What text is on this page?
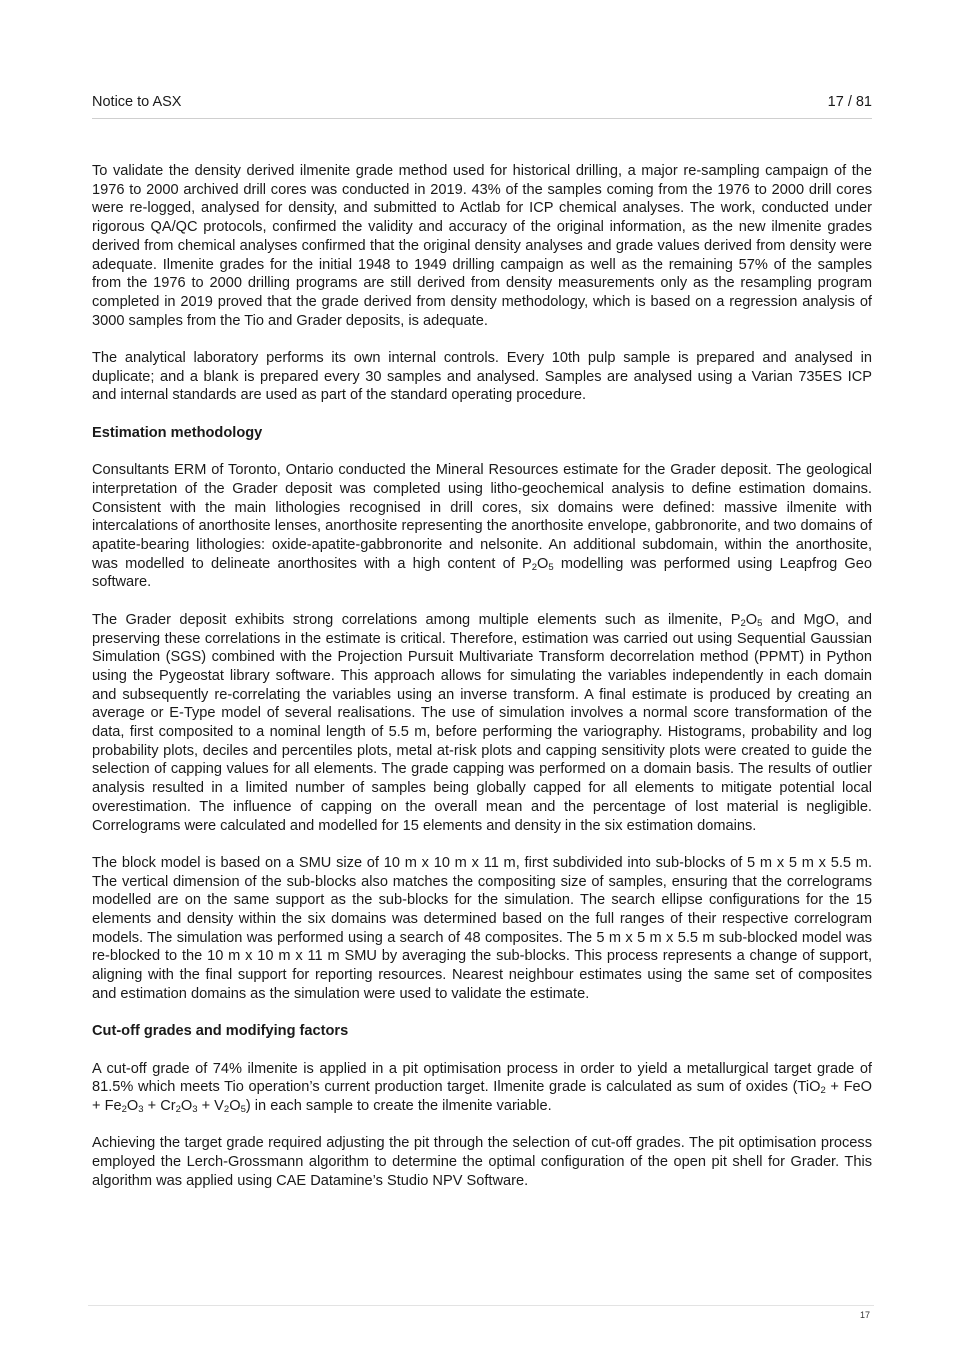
Notice to ASX	17 / 81

To validate the density derived ilmenite grade method used for historical drilling, a major re-sampling campaign of the 1976 to 2000 archived drill cores was conducted in 2019. 43% of the samples coming from the 1976 to 2000 drill cores were re-logged, analysed for density, and submitted to Actlab for ICP chemical analyses. The work, conducted under rigorous QA/QC protocols, confirmed the validity and accuracy of the original information, as the new ilmenite grades derived from chemical analyses confirmed that the original density analyses and grade values derived from density were adequate. Ilmenite grades for the initial 1948 to 1949 drilling campaign as well as the remaining 57% of the samples from the 1976 to 2000 drilling programs are still derived from density measurements only as the resampling program completed in 2019 proved that the grade derived from density methodology, which is based on a regression analysis of 3000 samples from the Tio and Grader deposits, is adequate.

The analytical laboratory performs its own internal controls. Every 10th pulp sample is prepared and analysed in duplicate; and a blank is prepared every 30 samples and analysed. Samples are analysed using a Varian 735ES ICP and internal standards are used as part of the standard operating procedure.

Estimation methodology

Consultants ERM of Toronto, Ontario conducted the Mineral Resources estimate for the Grader deposit. The geological interpretation of the Grader deposit was completed using litho-geochemical analysis to define estimation domains. Consistent with the main lithologies recognised in drill cores, six domains were defined: massive ilmenite with intercalations of anorthosite lenses, anorthosite representing the anorthosite envelope, gabbronorite, and two domains of apatite-bearing lithologies: oxide-apatite-gabbronorite and nelsonite. An additional subdomain, within the anorthosite, was modelled to delineate anorthosites with a high content of $P_2O_5$ modelling was performed using Leapfrog Geo software.

The Grader deposit exhibits strong correlations among multiple elements such as ilmenite, $P_2O_5$ and MgO, and preserving these correlations in the estimate is critical. Therefore, estimation was carried out using Sequential Gaussian Simulation (SGS) combined with the Projection Pursuit Multivariate Transform decorrelation method (PPMT) in Python using the Pygeostat library software. This approach allows for simulating the variables independently in each domain and subsequently re-correlating the variables using an inverse transform. A final estimate is produced by creating an average or E-Type model of several realisations. The use of simulation involves a normal score transformation of the data, first composited to a nominal length of 5.5 m, before performing the variography. Histograms, probability and log probability plots, deciles and percentiles plots, metal at-risk plots and capping sensitivity plots were created to guide the selection of capping values for all elements. The grade capping was performed on a domain basis. The results of outlier analysis resulted in a limited number of samples being globally capped for all elements to mitigate potential local overestimation. The influence of capping on the overall mean and the percentage of lost material is negligible. Correlograms were calculated and modelled for 15 elements and density in the six estimation domains.

The block model is based on a SMU size of 10 m x 10 m x 11 m, first subdivided into sub-blocks of 5 m x 5 m x 5.5 m. The vertical dimension of the sub-blocks also matches the compositing size of samples, ensuring that the correlograms modelled are on the same support as the sub-blocks for the simulation. The search ellipse configurations for the 15 elements and density within the six domains was determined based on the full ranges of their respective correlogram models. The simulation was performed using a search of 48 composites. The 5 m x 5 m x 5.5 m sub-blocked model was re-blocked to the 10 m x 10 m x 11 m SMU by averaging the sub-blocks. This process represents a change of support, aligning with the final support for reporting resources. Nearest neighbour estimates using the same set of composites and estimation domains as the simulation were used to validate the estimate.

Cut-off grades and modifying factors

A cut-off grade of 74% ilmenite is applied in a pit optimisation process in order to yield a metallurgical target grade of 81.5% which meets Tio operation’s current production target. Ilmenite grade is calculated as sum of oxides (TiO$_2$ + FeO + $Fe_2O_3 + Cr_2O_3 + V_2O_5$) in each sample to create the ilmenite variable.

Achieving the target grade required adjusting the pit through the selection of cut-off grades. The pit optimisation process employed the Lerch-Grossmann algorithm to determine the optimal configuration of the open pit shell for Grader. This algorithm was applied using CAE Datamine’s Studio NPV Software.

17
